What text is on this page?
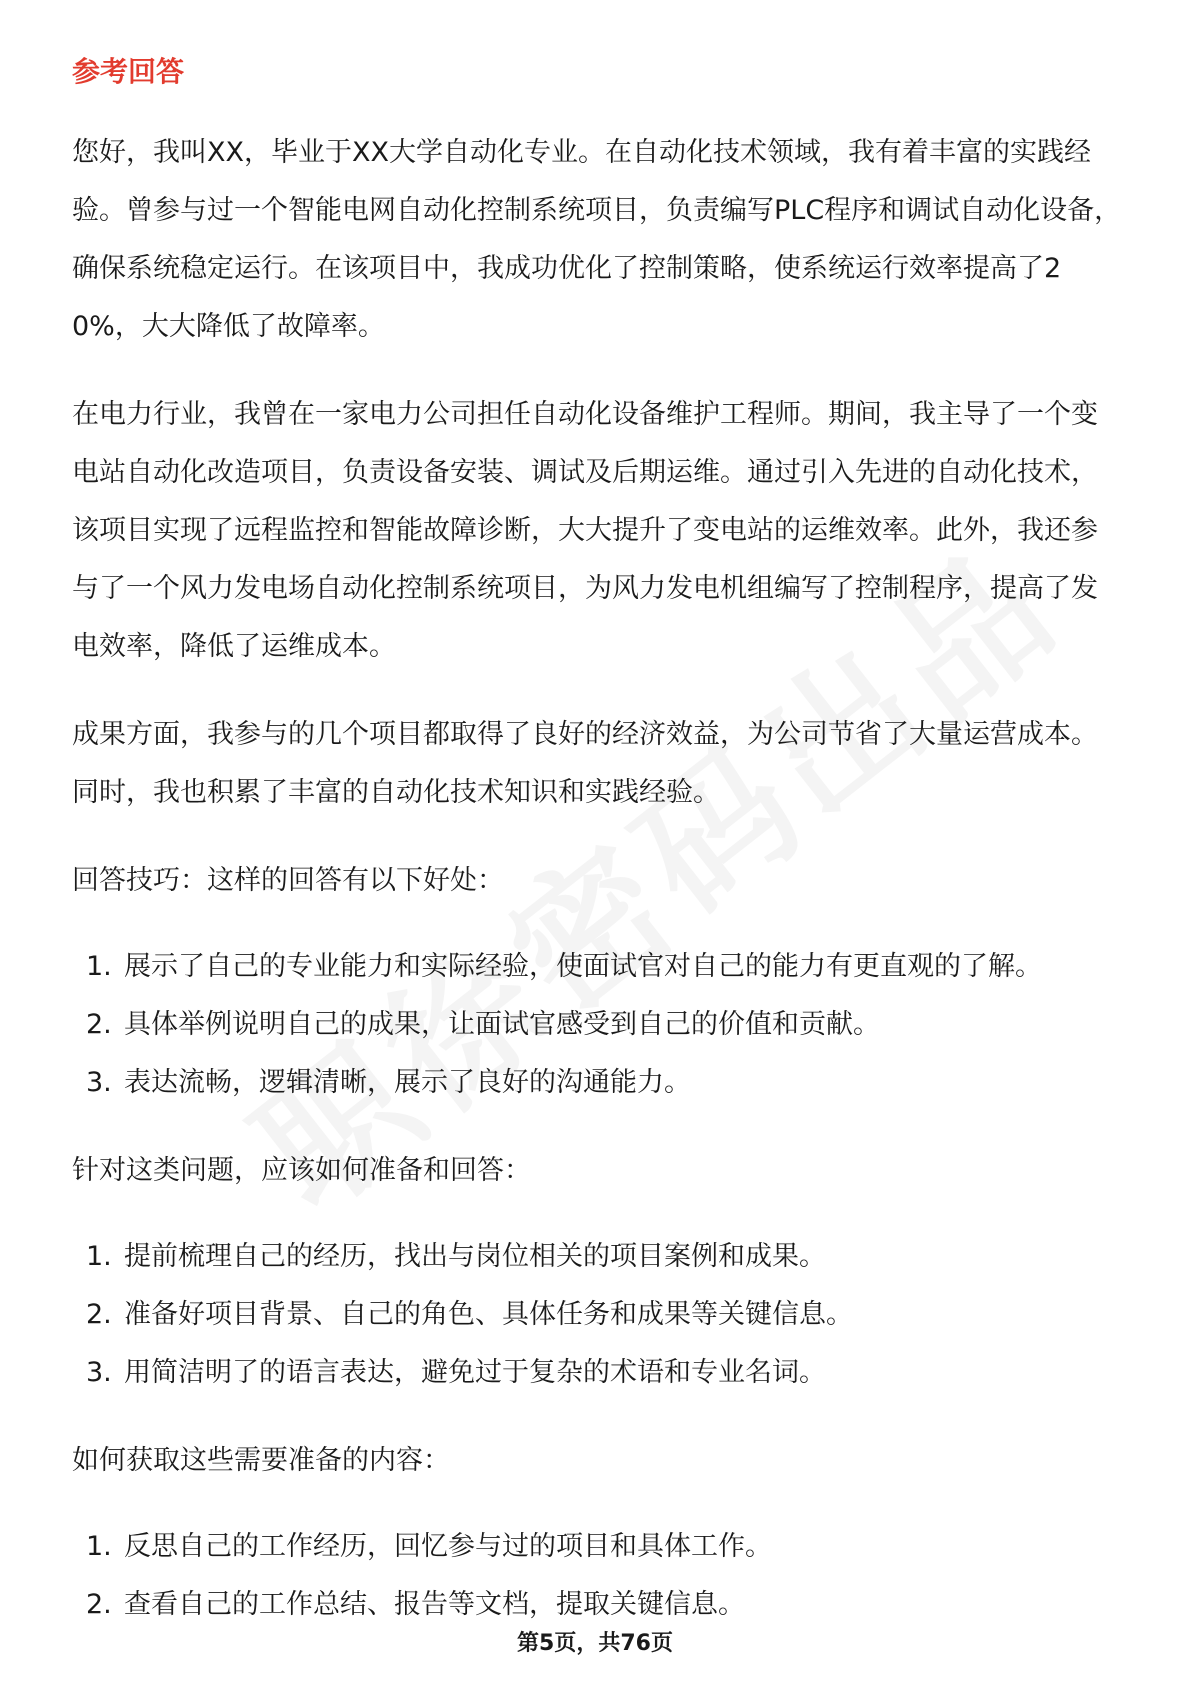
参考回答

您好，我叫XX，毕业于XX大学自动化专业。在自动化技术领域，我有着丰富的实践经验。曾参与过一个智能电网自动化控制系统项目，负责编写PLC程序和调试自动化设备，确保系统稳定运行。在该项目中，我成功优化了控制策略，使系统运行效率提高了20%，大大降低了故障率。

在电力行业，我曾在一家电力公司担任自动化设备维护工程师。期间，我主导了一个变电站自动化改造项目，负责设备安装、调试及后期运维。通过引入先进的自动化技术，该项目实现了远程监控和智能故障诊断，大大提升了变电站的运维效率。此外，我还参与了一个风力发电场自动化控制系统项目，为风力发电机组编写了控制程序，提高了发电效率，降低了运维成本。

成果方面，我参与的几个项目都取得了良好的经济效益，为公司节省了大量运营成本。同时，我也积累了丰富的自动化技术知识和实践经验。

回答技巧：这样的回答有以下好处：

1. 展示了自己的专业能力和实际经验，使面试官对自己的能力有更直观的了解。
2. 具体举例说明自己的成果，让面试官感受到自己的价值和贡献。
3. 表达流畅，逻辑清晰，展示了良好的沟通能力。

针对这类问题，应该如何准备和回答：

1. 提前梳理自己的经历，找出与岗位相关的项目案例和成果。
2. 准备好项目背景、自己的角色、具体任务和成果等关键信息。
3. 用简洁明了的语言表达，避免过于复杂的术语和专业名词。

如何获取这些需要准备的内容：

1. 反思自己的工作经历，回忆参与过的项目和具体工作。
2. 查看自己的工作总结、报告等文档，提取关键信息。
第5页，共76页
